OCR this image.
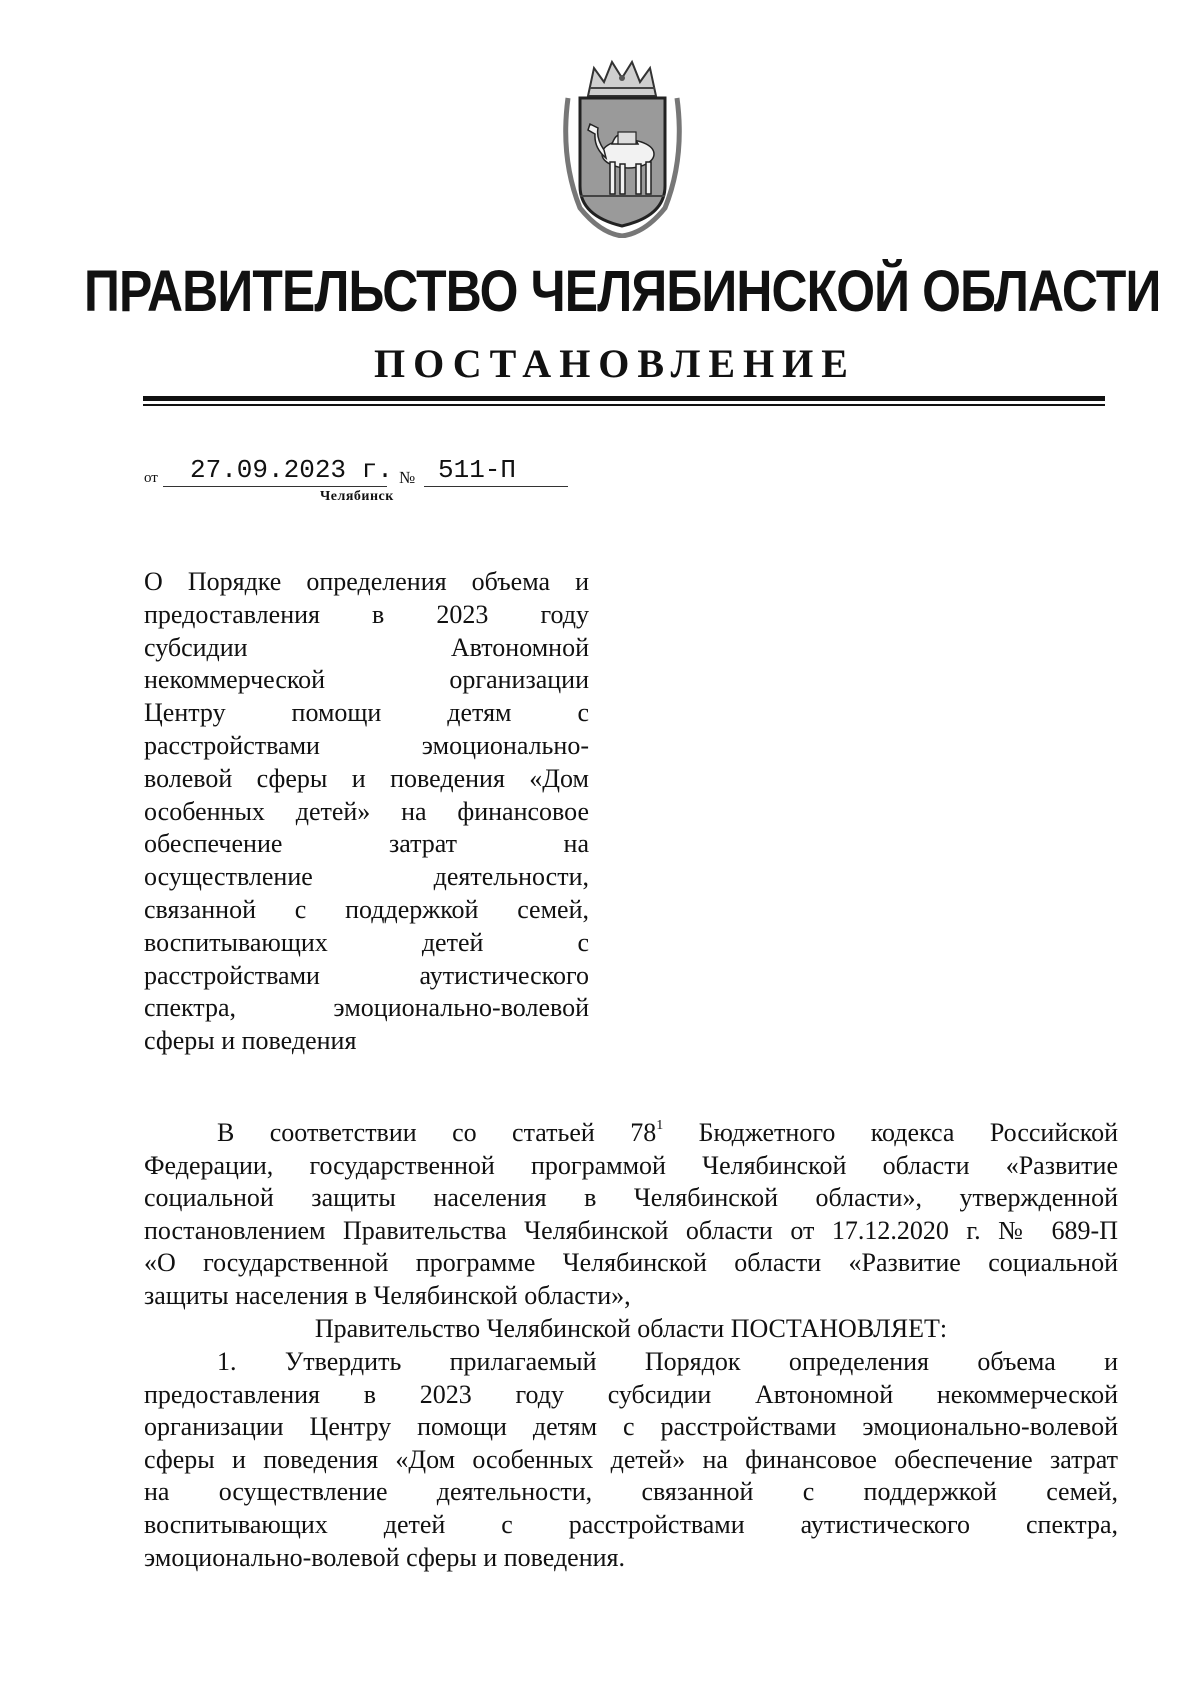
ПРАВИТЕЛЬСТВО ЧЕЛЯБИНСКОЙ ОБЛАСТИ
ПОСТАНОВЛЕНИЕ
от 27.09.2023 г. № 511-П
Челябинск
О Порядке определения объема и
предоставления в 2023 году
субсидии Автономной
некоммерческой организации
Центру помощи детям с
расстройствами эмоционально-
волевой сферы и поведения «Дом
особенных детей» на финансовое
обеспечение затрат на
осуществление деятельности,
связанной с поддержкой семей,
воспитывающих детей с
расстройствами аутистического
спектра, эмоционально-волевой
сферы и поведения
В соответствии со статьей $78^1$ Бюджетного кодекса Российской
Федерации, государственной программой Челябинской области «Развитие
социальной защиты населения в Челябинской области», утвержденной
постановлением Правительства Челябинской области от 17.12.2020 г. № 689-П
«О государственной программе Челябинской области «Развитие социальной
защиты населения в Челябинской области»,
Правительство Челябинской области ПОСТАНОВЛЯЕТ:
1. Утвердить прилагаемый Порядок определения объема и
предоставления в 2023 году субсидии Автономной некоммерческой
организации Центру помощи детям с расстройствами эмоционально-волевой
сферы и поведения «Дом особенных детей» на финансовое обеспечение затрат
на осуществление деятельности, связанной с поддержкой семей,
воспитывающих детей с расстройствами аутистического спектра,
эмоционально-волевой сферы и поведения.
